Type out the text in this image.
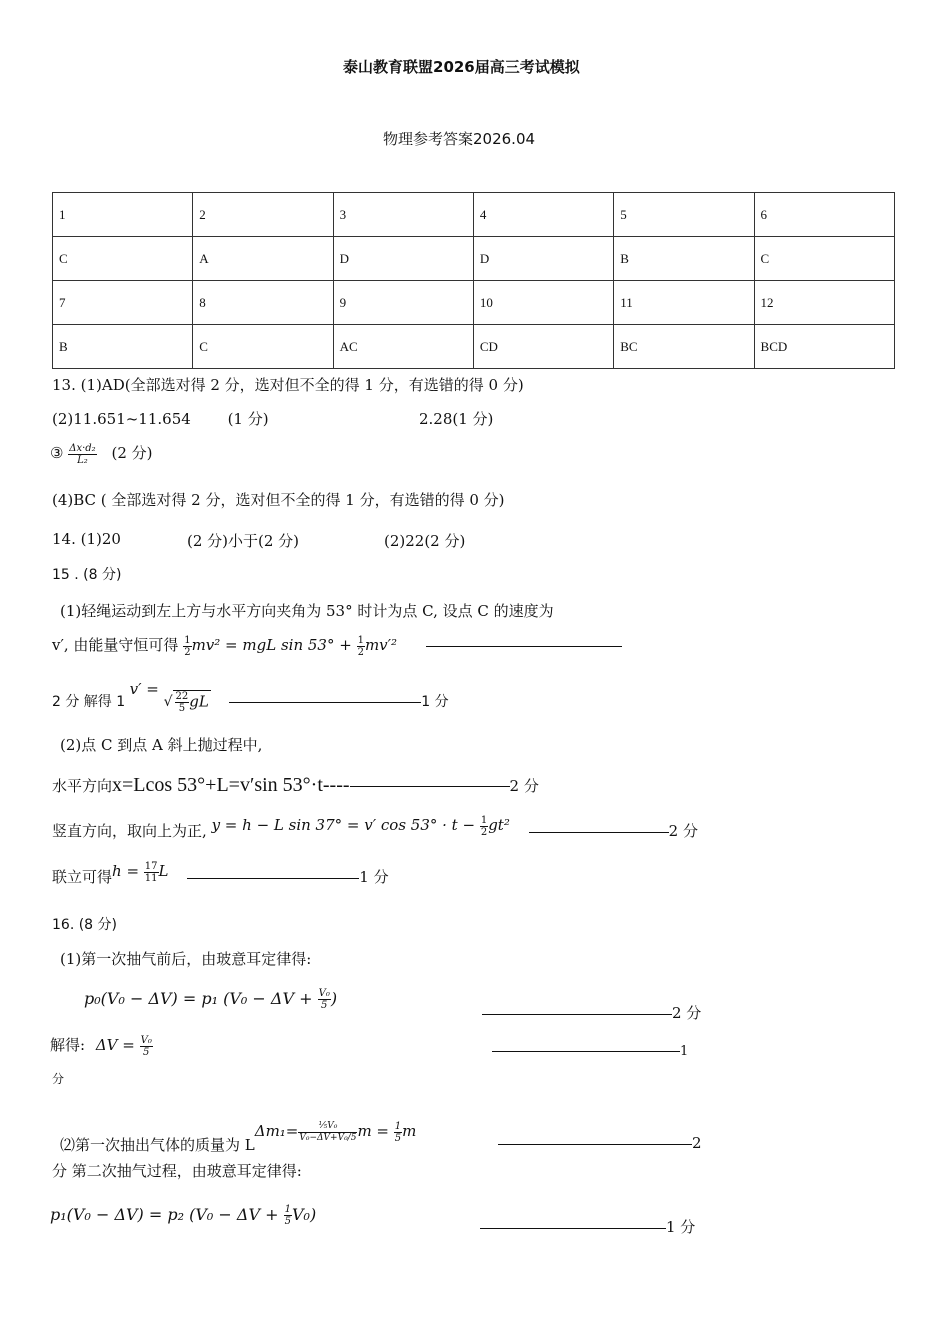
泰山教育联盟2026届高三考试模拟
物理参考答案2026.04
1	2	3	4	5	6
C	A	D	D	B	C
7	8	9	10	11	12
B	C	AC	CD	BC	BCD
13. (1)AD(全部选对得 2 分，选对但不全的得 1 分，有选错的得 0 分)
(2)11.651~11.654 (1 分)	2.28(1 分)
③ $\frac{\text{Δx·d₂}}{\text{L₂}} (2$ 分)
(4)BC ( 全部选对得 2 分，选对但不全的得 1 分，有选错的得 0 分)
14. (1)20	(2 分)小于(2 分)	(2)22(2 分)
15 . (8 分)
(1)轻绳运动到左上方与水平方向夹角为 53° 时计为点 C, 设点 C 的速度为
v′, 由能量守恒可得 $\frac{1}{2} mv^2$ = mgL $\sin 53^\circ + \frac{1}{2} mv'^2$
2 分 解得 1 v′ = √ $\frac{22}{5}$ gL	1 分
(2)点 C 到点 A 斜上抛过程中,
水平方向x=Lcos 53°+L=v′sin 53°·t----	2 分
竖直方向，取向上为正, y = h − L sin 37° = v′ $\cos 53^\circ \cdot t - \frac{1}{2} gt^2$	2 分
联立可得$h = \frac{17}{11}$ L	1 分
16. (8 分)
(1)第一次抽气前后，由玻意耳定律得:
p₀(V₀ − ΔV) = p₁ ($V_0 - \Delta V + \frac{\text{V₀}}{5}$ )
2 分
解得: $\Delta V = \frac{\text{V₀}}{5}$	1
分
⑵第一次抽出气体的质量为 $L\Delta m_1= \frac{\text{⅕V₀}}{\text{V₀−ΔV+V₀/5}}$ $m = \frac{1}{5}$ m
2
分 第二次抽气过程，由玻意耳定律得:
p₁(V₀ − ΔV) = p₂ $(V_0 - \Delta V + \frac{1}{5} V_0)$
1 分
